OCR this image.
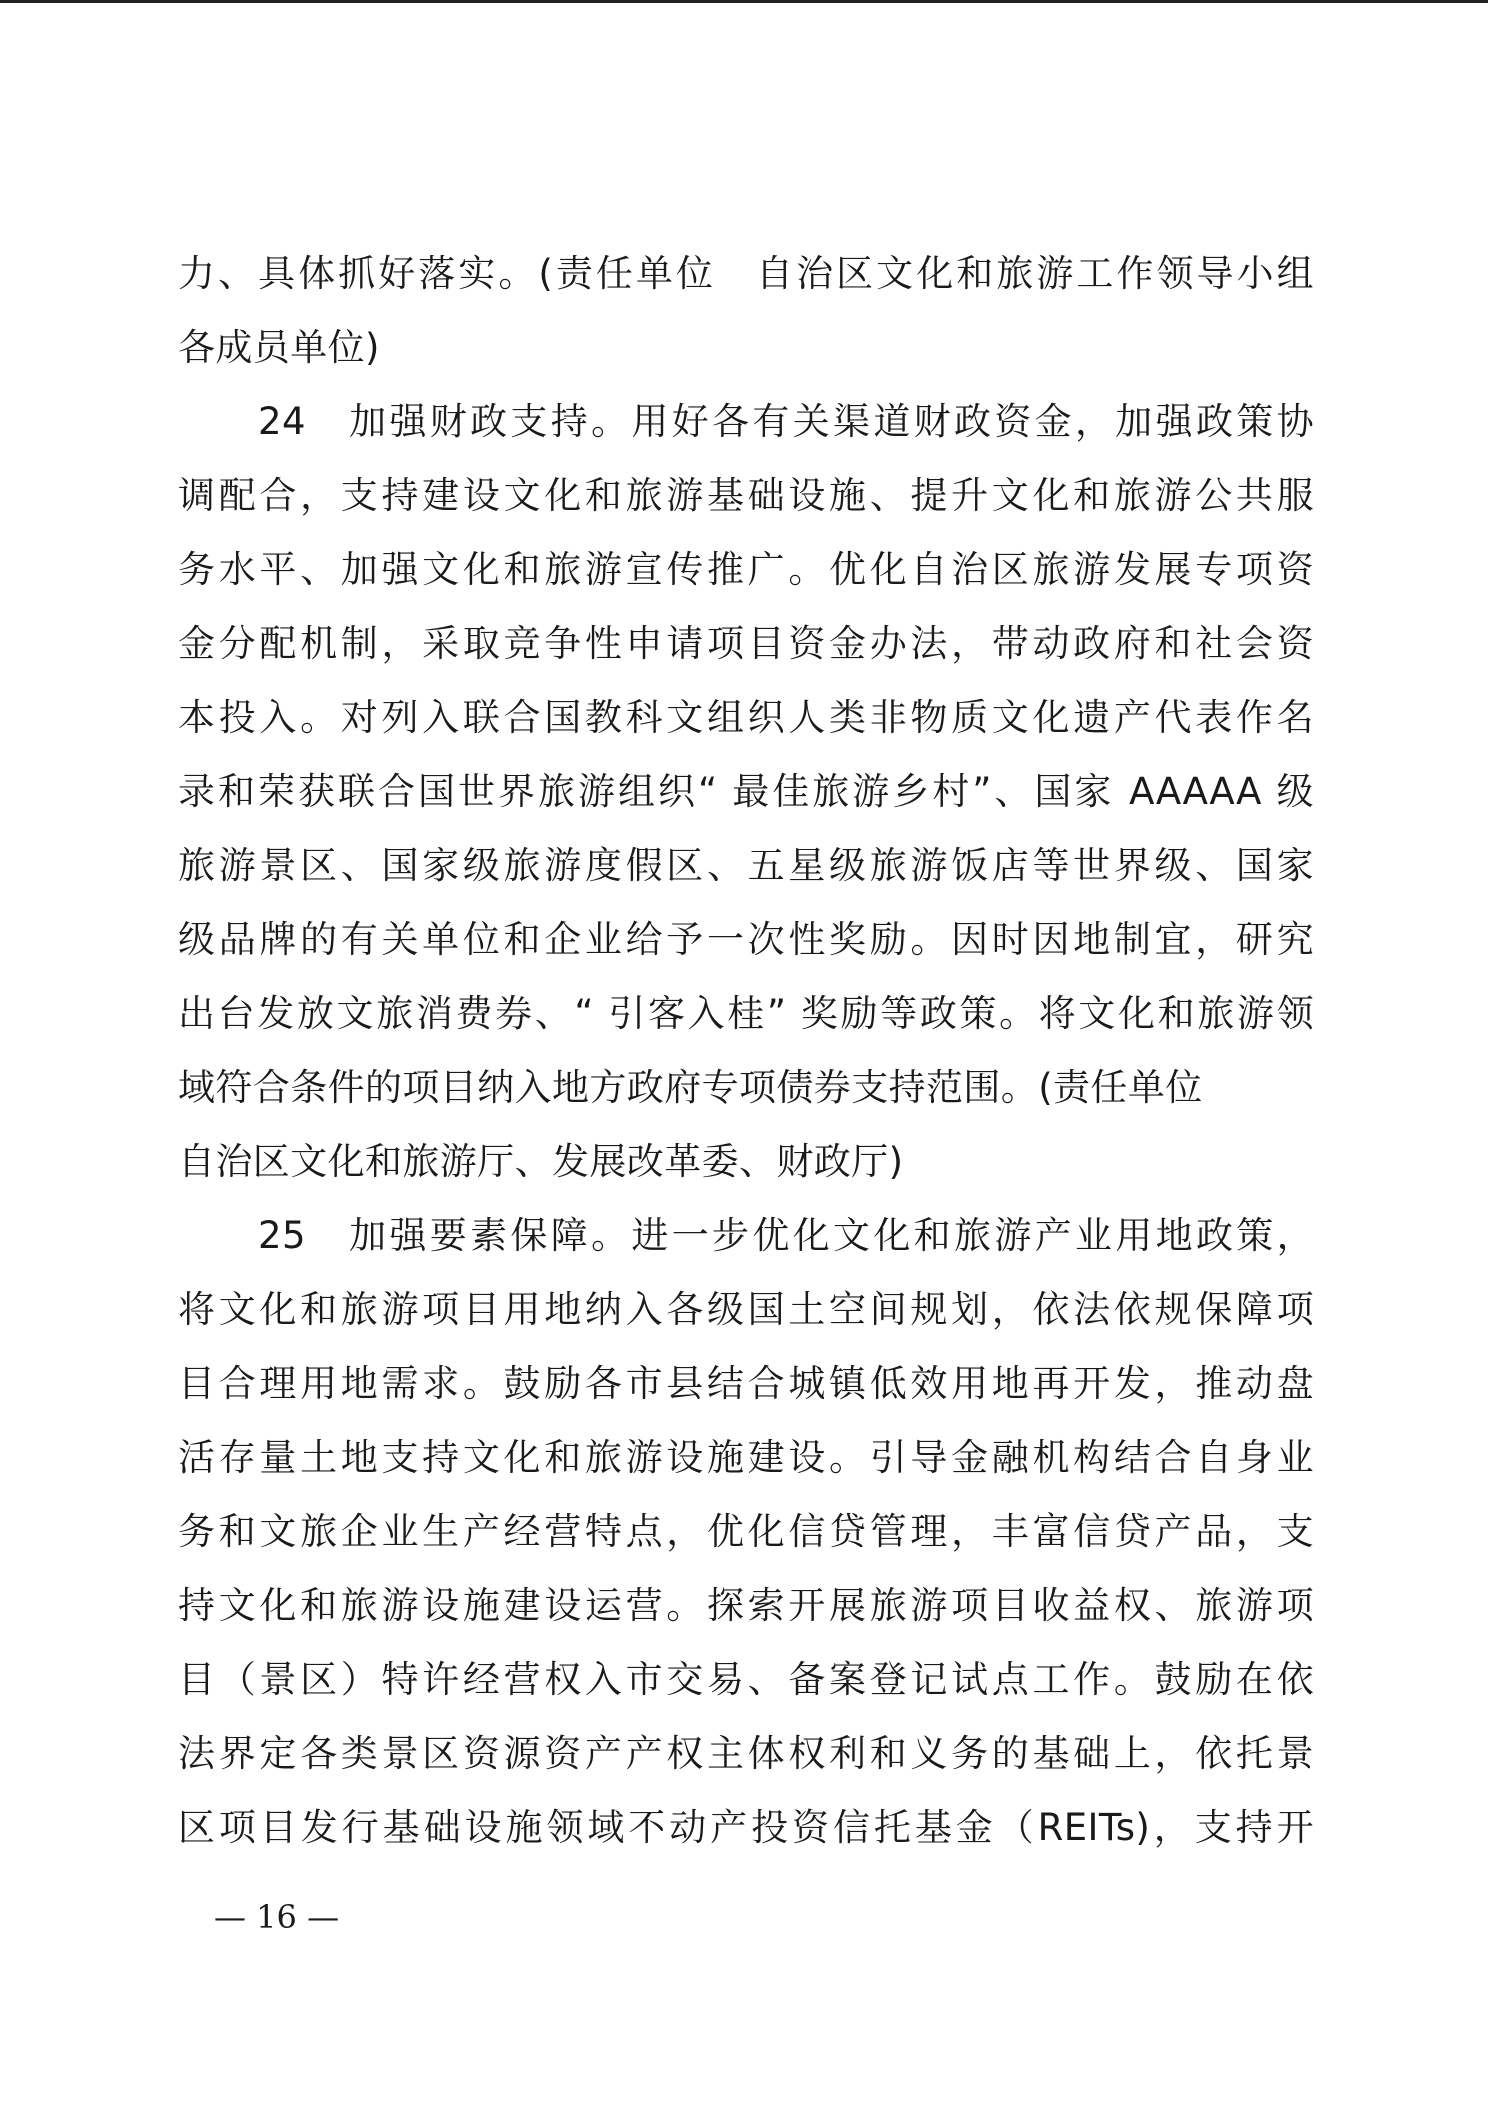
力、具体抓好落实。(责任单位　自治区文化和旅游工作领导小组
各成员单位)
24　加强财政支持。用好各有关渠道财政资金，加强政策协
调配合，支持建设文化和旅游基础设施、提升文化和旅游公共服
务水平、加强文化和旅游宣传推广。优化自治区旅游发展专项资
金分配机制，采取竞争性申请项目资金办法，带动政府和社会资
本投入。对列入联合国教科文组织人类非物质文化遗产代表作名
录和荣获联合国世界旅游组织“ 最佳旅游乡村”、国家 AAAAA 级
旅游景区、国家级旅游度假区、五星级旅游饭店等世界级、国家
级品牌的有关单位和企业给予一次性奖励。因时因地制宜，研究
出台发放文旅消费券、“ 引客入桂” 奖励等政策。将文化和旅游领
域符合条件的项目纳入地方政府专项债券支持范围。(责任单位
自治区文化和旅游厅、发展改革委、财政厅)
25　加强要素保障。进一步优化文化和旅游产业用地政策，
将文化和旅游项目用地纳入各级国土空间规划，依法依规保障项
目合理用地需求。鼓励各市县结合城镇低效用地再开发，推动盘
活存量土地支持文化和旅游设施建设。引导金融机构结合自身业
务和文旅企业生产经营特点，优化信贷管理，丰富信贷产品，支
持文化和旅游设施建设运营。探索开展旅游项目收益权、旅游项
目（景区）特许经营权入市交易、备案登记试点工作。鼓励在依
法界定各类景区资源资产产权主体权利和义务的基础上，依托景
区项目发行基础设施领域不动产投资信托基金（REITs)，支持开
— 16 —
